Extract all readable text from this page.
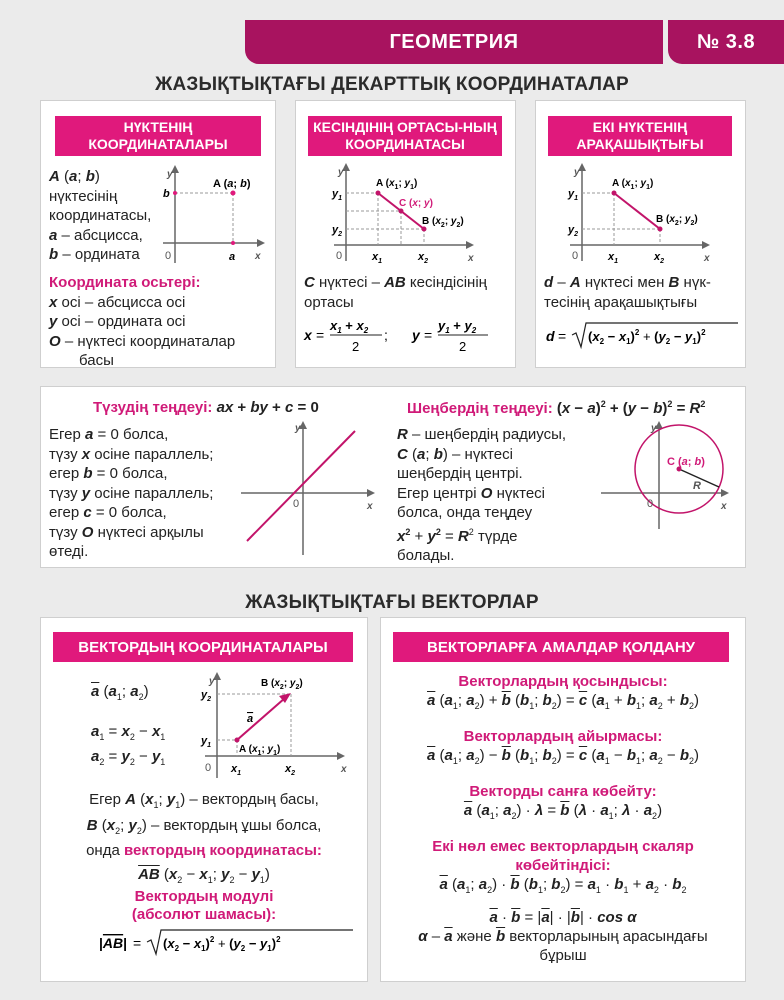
ГЕОМЕТРИЯ	№ 3.8
ЖАЗЫҚТЫҚТАҒЫ ДЕКАРТТЫҚ КООРДИНАТАЛАР
НҮКТЕНІҢ КООРДИНАТАЛАРЫ
A (a; b)
нүктесінің
координатасы,
a – абсцисса,
b – ордината
y
x
b
a
0
A (a; b)
Координата осьтері:
x осі – абсцисса осі
y осі – ордината осі
O – нүктесі координаталар
басы
КЕСІНДІНІҢ ОРТАСЫ-НЫҢ КООРДИНАТАСЫ
y
x
$y_1$
$y_2$
0	$x_1$	$x_2$
A ($x_1$; $y_1$)
C (x; y)
B ($x_2$; $y_2$)
C нүктесі – AB кесіндісінің ортасы
x =
$x_1 + x_2$
2
; y =
$y_1 + y_2$
2
ЕКІ НҮКТЕНІҢ АРАҚАШЫҚТЫҒЫ
y
x
$y_1$
$y_2$
0	$x_1$	$x_2$
A ($x_1$; $y_1$)
B ($x_2$; $y_2$)
d – A нүктесі мен B нүк-тесінің арақашықтығы
$d = (x_2 - x_1)^2 + (y_2 - y_1)^2$
Түзудің теңдеуі: ax + by + c = 0
Егер a = 0 болса,
түзу x осіне параллель;
егер b = 0 болса,
түзу y осіне параллель;
егер c = 0 болса,
түзу O нүктесі арқылы
өтеді.
y
x
0
Шеңбердің теңдеуі: $(x - a)^2 + (y - b)^2 = R^2$
R – шеңбердің радиусы,
C (a; b) – нүктесі
шеңбердің центрі.
Егер центрі O нүктесі
болса, онда теңдеу
$x^2 + y^2 = R^2$ түрде
болады.
y
x
0
C (a; b)
R
ЖАЗЫҚТЫҚТАҒЫ ВЕКТОРЛАР
ВЕКТОРДЫҢ КООРДИНАТАЛАРЫ
$\overline{a}$ ($a_1$; $a_2$)
$a_1 = x_2 - x_1$
$a_2 = y_2 - y_1$
y
x
$y_2$
$y_1$
0 $x_1$	$x_2$
a
A ($x_1$; $y_1$)
B ($x_2$; $y_2$)
Егер A ($x_1$; $y_1$) – вектордың басы,
B ($x_2$; $y_2$) – вектордың ұшы болса,
онда вектордың координатасы:
$\overline{AB}$ ($x_2 - x_1$; $y_2 - y_1$)
Вектордың модулі
(абсолют шамасы):
$|AB| = (x_2 - x_1)^2 + (y_2 - y_1)^2$
ВЕКТОРЛАРҒА АМАЛДАР ҚОЛДАНУ
Векторлардың қосындысы:
$\overline{a}$ ($a_1$; $a_2) + \overline{b}$ ($b_1$; $b_2) = \overline{c}$ ($a_1 + b_1$; $a_2 + b_2$)
Векторлардың айырмасы:
$\overline{a}$ ($a_1$; $a_2) - \overline{b}$ ($b_1$; $b_2) = \overline{c}$ ($a_1 - b_1$; $a_2 - b_2$)
Векторды санға көбейту:
$\overline{a}$ ($a_1$; $a_2) \cdot \lambda = \overline{b}$ ($\lambda \cdot a_1$; $\lambda \cdot a_2$)
Екі нөл емес векторлардың скаляр
көбейтіндісі:
$\overline{a}$ ($a_1$; $a_2) \cdot \overline{b}$ ($b_1$; $b_2) = a_1 \cdot b_1 + a_2 \cdot b_2$
$\overline{a} \cdot \overline{b} = |\overline{a}| \cdot |\overline{b}| \cdot \cos \alpha$
α – $\overline{a}$ және $\overline{b}$ векторларының арасындағы
бұрыш
